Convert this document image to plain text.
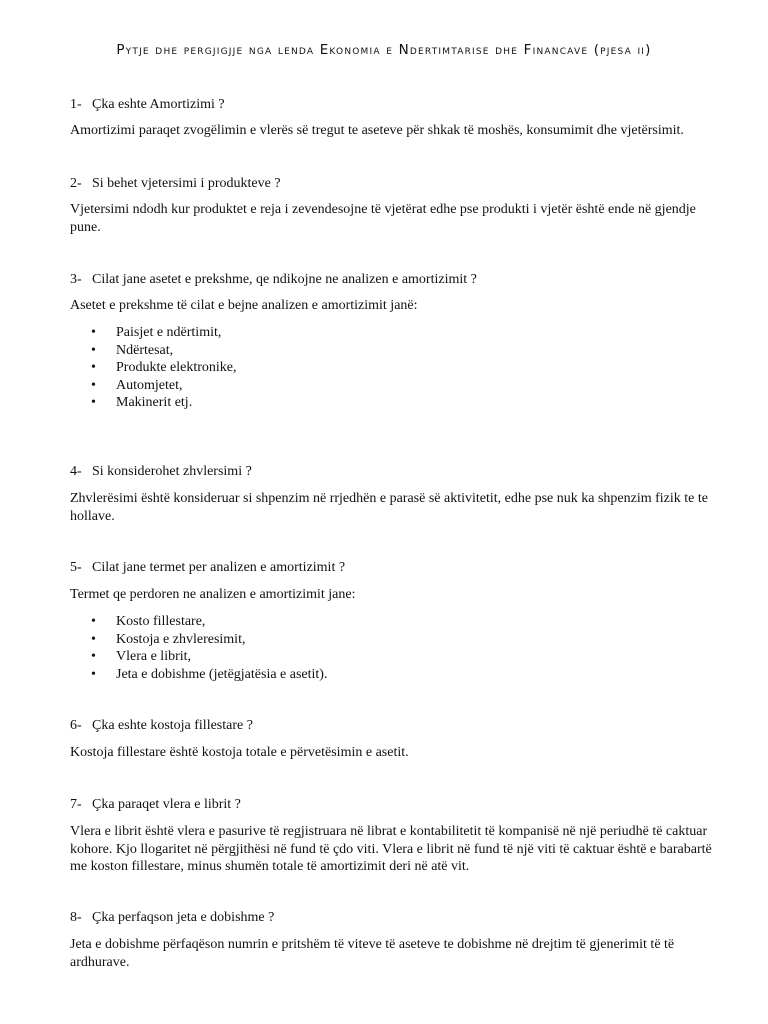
Pytje dhe pergjigjje nga lenda Ekonomia e Ndertimtarise dhe Financave (pjesa ii)
1- Çka eshte Amortizimi ?

Amortizimi paraqet zvogëlimin e vlerës së tregut te aseteve për shkak të moshës, konsumimit dhe vjetërsimit.

2- Si behet vjetersimi i produkteve ?

Vjetersimi ndodh kur produktet e reja i zevendesojne të vjetërat edhe pse produkti i vjetër është ende në gjendje pune.

3- Cilat jane asetet e prekshme, qe ndikojne ne analizen e amortizimit ?

Asetet e prekshme të cilat e bejne analizen e amortizimit janë:

• Paisjet e ndërtimit,
• Ndërtesat,
• Produkte elektronike,
• Automjetet,
• Makinerit etj.
4- Si konsiderohet zhvlersimi ?

Zhvlerësimi është konsideruar si shpenzim në rrjedhën e parasë së aktivitetit, edhe pse nuk ka shpenzim fizik te te hollave.

5- Cilat jane termet per analizen e amortizimit ?

Termet qe perdoren ne analizen e amortizimit jane:

• Kosto fillestare,
• Kostoja e zhvleresimit,
• Vlera e librit,
• Jeta e dobishme (jetëgjatësia e asetit).
6- Çka eshte kostoja fillestare ?

Kostoja fillestare është kostoja totale e përvetësimin e asetit.

7- Çka paraqet vlera e librit ?

Vlera e librit është vlera e pasurive të regjistruara në librat e kontabilitetit të kompanisë në një periudhë të caktuar kohore. Kjo llogaritet në përgjithësi në fund të çdo viti. Vlera e librit në fund të një viti të caktuar është e barabartë me koston fillestare, minus shumën totale të amortizimit deri në atë vit.

8- Çka perfaqson jeta e dobishme ?

Jeta e dobishme përfaqëson numrin e pritshëm të viteve të aseteve te dobishme në drejtim të gjenerimit të të ardhurave.
